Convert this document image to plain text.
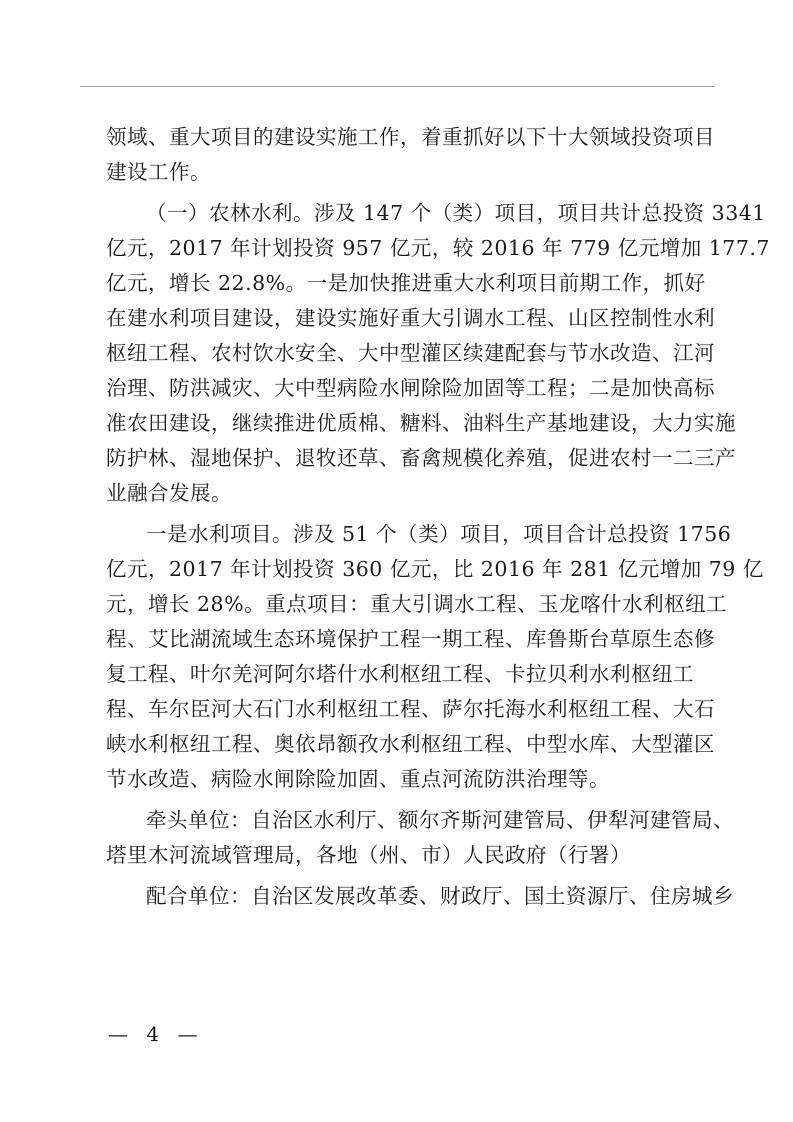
领域、重大项目的建设实施工作，着重抓好以下十大领域投资项目
建设工作。
（一）农林水利。涉及 147 个（类）项目，项目共计总投资 3341
亿元，2017 年计划投资 957 亿元，较 2016 年 779 亿元增加 177.7
亿元，增长 22.8%。一是加快推进重大水利项目前期工作，抓好
在建水利项目建设，建设实施好重大引调水工程、山区控制性水利
枢纽工程、农村饮水安全、大中型灌区续建配套与节水改造、江河
治理、防洪减灾、大中型病险水闸除险加固等工程；二是加快高标
准农田建设，继续推进优质棉、糖料、油料生产基地建设，大力实施
防护林、湿地保护、退牧还草、畜禽规模化养殖，促进农村一二三产
业融合发展。
一是水利项目。涉及 51 个（类）项目，项目合计总投资 1756
亿元，2017 年计划投资 360 亿元，比 2016 年 281 亿元增加 79 亿
元，增长 28%。重点项目：重大引调水工程、玉龙喀什水利枢纽工
程、艾比湖流域生态环境保护工程一期工程、库鲁斯台草原生态修
复工程、叶尔羌河阿尔塔什水利枢纽工程、卡拉贝利水利枢纽工
程、车尔臣河大石门水利枢纽工程、萨尔托海水利枢纽工程、大石
峡水利枢纽工程、奥依昂额孜水利枢纽工程、中型水库、大型灌区
节水改造、病险水闸除险加固、重点河流防洪治理等。
牵头单位：自治区水利厅、额尔齐斯河建管局、伊犁河建管局、
塔里木河流域管理局，各地（州、市）人民政府（行署）
配合单位：自治区发展改革委、财政厅、国土资源厅、住房城乡
— 4 —
